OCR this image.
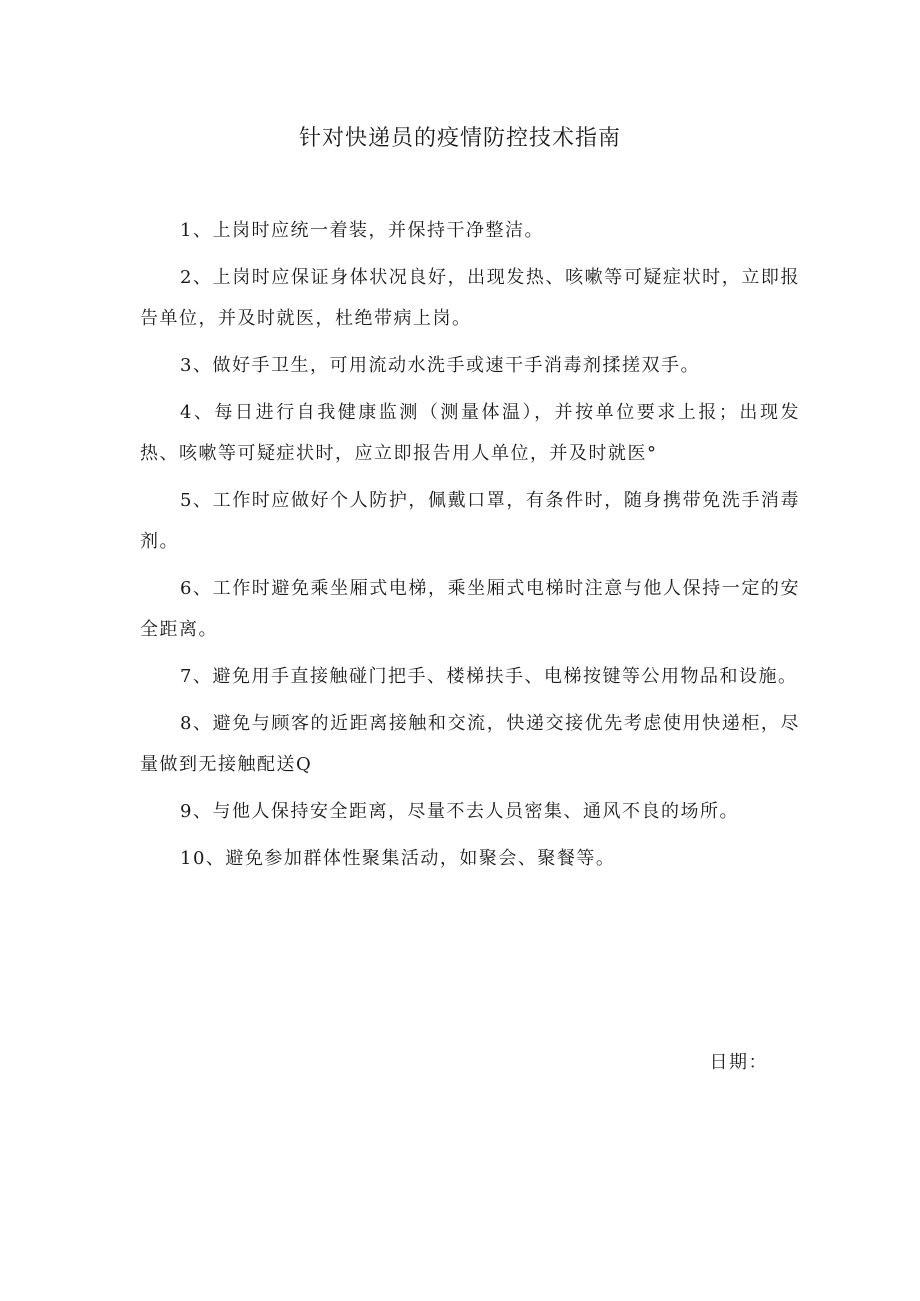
针对快递员的疫情防控技术指南

1、上岗时应统一着装，并保持干净整洁。

2、上岗时应保证身体状况良好，出现发热、咳嗽等可疑症状时，立即报告单位，并及时就医，杜绝带病上岗。

3、做好手卫生，可用流动水洗手或速干手消毒剂揉搓双手。

4、每日进行自我健康监测（测量体温），并按单位要求上报；出现发热、咳嗽等可疑症状时，应立即报告用人单位，并及时就医°

5、工作时应做好个人防护，佩戴口罩，有条件时，随身携带免洗手消毒剂。

6、工作时避免乘坐厢式电梯，乘坐厢式电梯时注意与他人保持一定的安全距离。

7、避免用手直接触碰门把手、楼梯扶手、电梯按键等公用物品和设施。

8、避免与顾客的近距离接触和交流，快递交接优先考虑使用快递柜，尽量做到无接触配送Q

9、与他人保持安全距离，尽量不去人员密集、通风不良的场所。

10、避免参加群体性聚集活动，如聚会、聚餐等。

日期：
